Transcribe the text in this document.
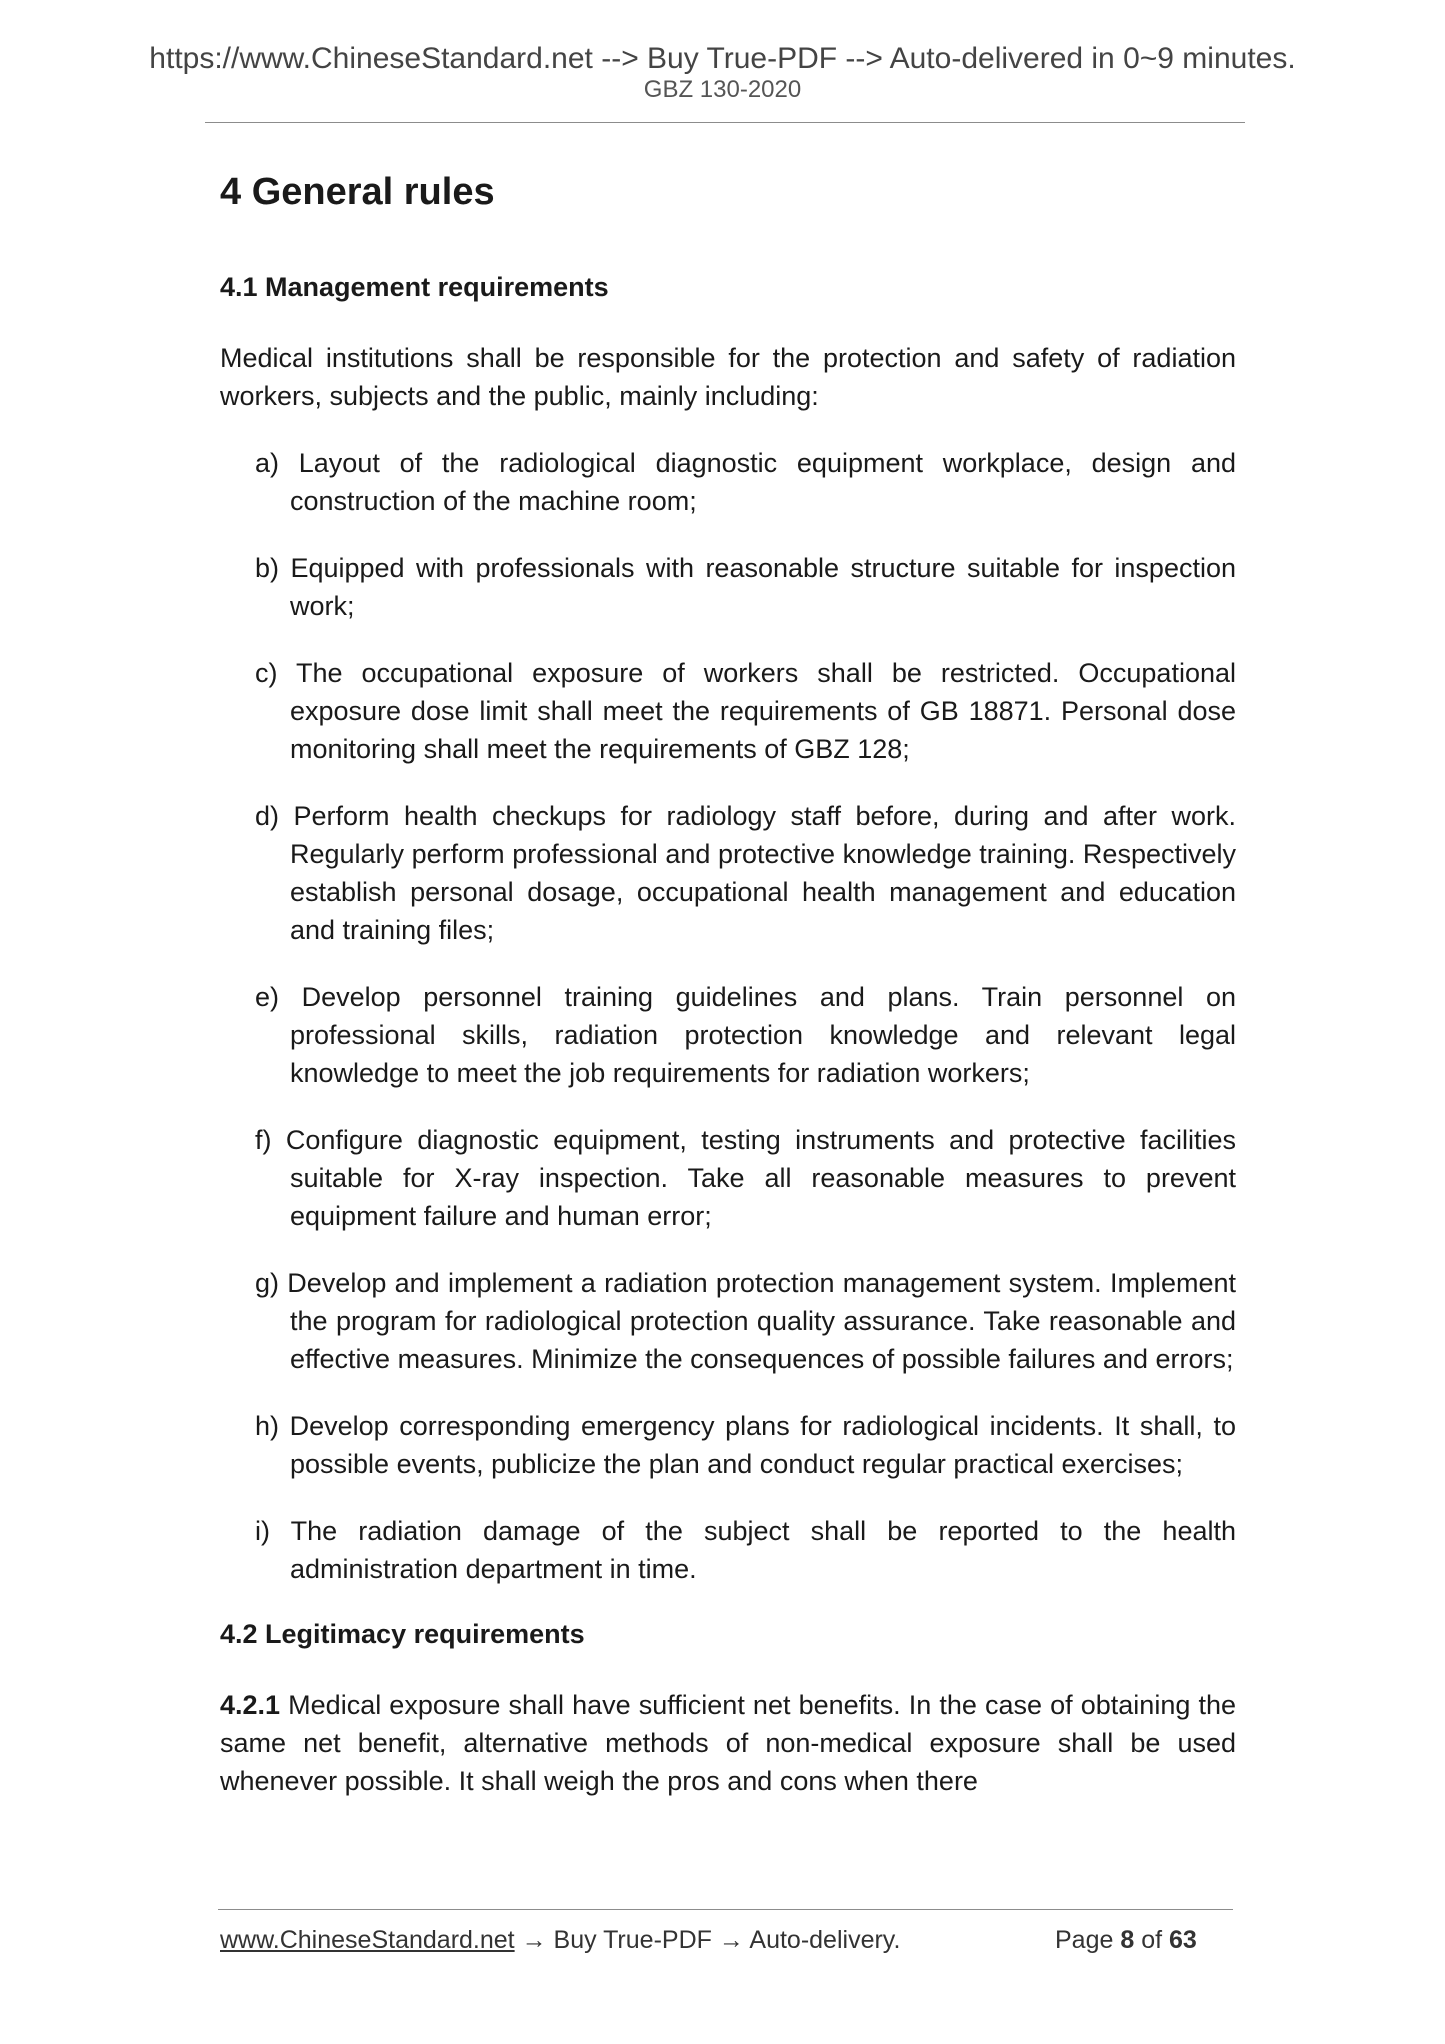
https://www.ChineseStandard.net --> Buy True-PDF --> Auto-delivered in 0~9 minutes.
GBZ 130-2020
4 General rules
4.1 Management requirements

Medical institutions shall be responsible for the protection and safety of radiation workers, subjects and the public, mainly including:

a) Layout of the radiological diagnostic equipment workplace, design and construction of the machine room;
b) Equipped with professionals with reasonable structure suitable for inspection work;
c) The occupational exposure of workers shall be restricted. Occupational exposure dose limit shall meet the requirements of GB 18871. Personal dose monitoring shall meet the requirements of GBZ 128;
d) Perform health checkups for radiology staff before, during and after work. Regularly perform professional and protective knowledge training. Respectively establish personal dosage, occupational health management and education and training files;
e) Develop personnel training guidelines and plans. Train personnel on professional skills, radiation protection knowledge and relevant legal knowledge to meet the job requirements for radiation workers;
f) Configure diagnostic equipment, testing instruments and protective facilities suitable for X-ray inspection. Take all reasonable measures to prevent equipment failure and human error;
g) Develop and implement a radiation protection management system. Implement the program for radiological protection quality assurance. Take reasonable and effective measures. Minimize the consequences of possible failures and errors;
h) Develop corresponding emergency plans for radiological incidents. It shall, to possible events, publicize the plan and conduct regular practical exercises;
i) The radiation damage of the subject shall be reported to the health administration department in time.
4.2 Legitimacy requirements

4.2.1 Medical exposure shall have sufficient net benefits. In the case of obtaining the same net benefit, alternative methods of non-medical exposure shall be used whenever possible. It shall weigh the pros and cons when there

www.ChineseStandard.net → Buy True-PDF → Auto-delivery.	Page 8 of 63
